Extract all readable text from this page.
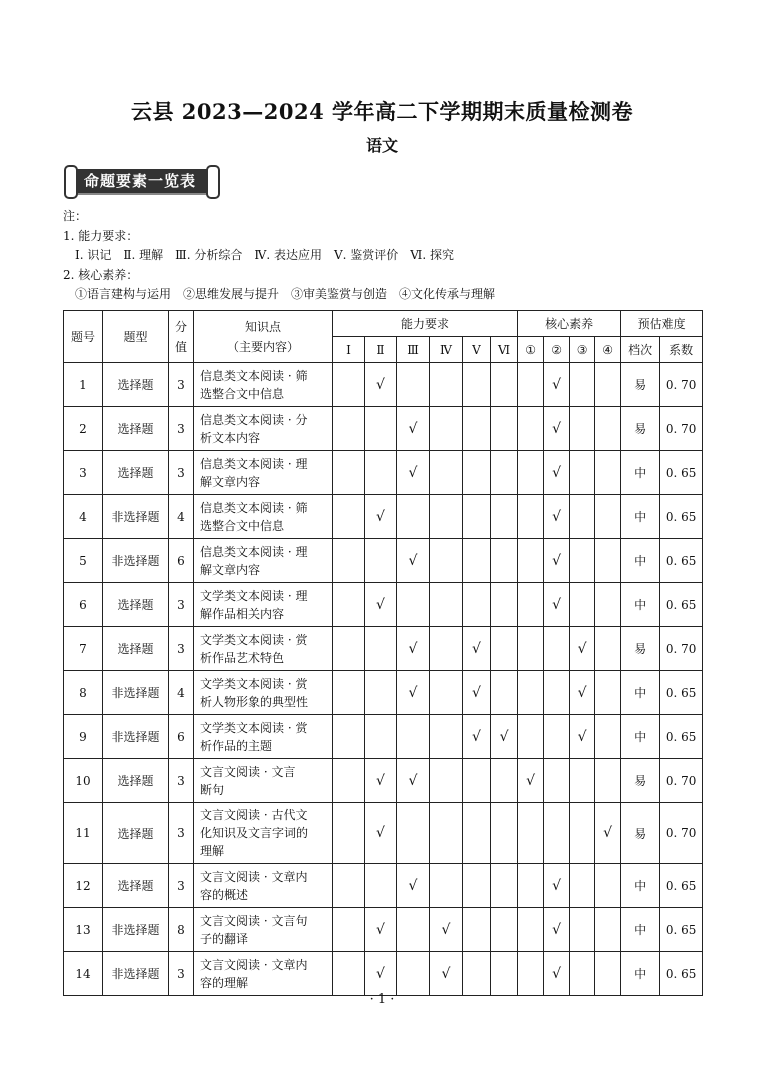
云县 2023—2024 学年高二下学期期末质量检测卷
语文
命题要素一览表
注：
1. 能力要求：
Ⅰ. 识记　Ⅱ. 理解　Ⅲ. 分析综合　Ⅳ. 表达应用　Ⅴ. 鉴赏评价　Ⅵ. 探究
2. 核心素养：
①语言建构与运用　②思维发展与提升　③审美鉴赏与创造　④文化传承与理解
题号	题型	分值	知识点
（主要内容）	能力要求						核心素养				预估难度	
				Ⅰ	Ⅱ	Ⅲ	Ⅳ	Ⅴ	Ⅵ	①	②	③	④	档次	系数
1	选择题	3	信息类文本阅读 · 筛
选整合文中信息		√						√			易	0. 70
2	选择题	3	信息类文本阅读 · 分
析文本内容			√					√			易	0. 70
3	选择题	3	信息类文本阅读 · 理
解文章内容			√					√			中	0. 65
4	非选择题	4	信息类文本阅读 · 筛
选整合文中信息		√						√			中	0. 65
5	非选择题	6	信息类文本阅读 · 理
解文章内容			√					√			中	0. 65
6	选择题	3	文学类文本阅读 · 理
解作品相关内容		√						√			中	0. 65
7	选择题	3	文学类文本阅读 · 赏
析作品艺术特色			√		√				√		易	0. 70
8	非选择题	4	文学类文本阅读 · 赏
析人物形象的典型性			√		√				√		中	0. 65
9	非选择题	6	文学类文本阅读 · 赏
析作品的主题					√	√			√		中	0. 65
10	选择题	3	文言文阅读 · 文言
断句		√	√				√				易	0. 70
11	选择题	3	文言文阅读 · 古代文
化知识及文言字词的
理解		√								√	易	0. 70
12	选择题	3	文言文阅读 · 文章内
容的概述			√					√			中	0. 65
13	非选择题	8	文言文阅读 · 文言句
子的翻译		√		√				√			中	0. 65
14	非选择题	3	文言文阅读 · 文章内
容的理解		√		√				√			中	0. 65
· 1 ·
